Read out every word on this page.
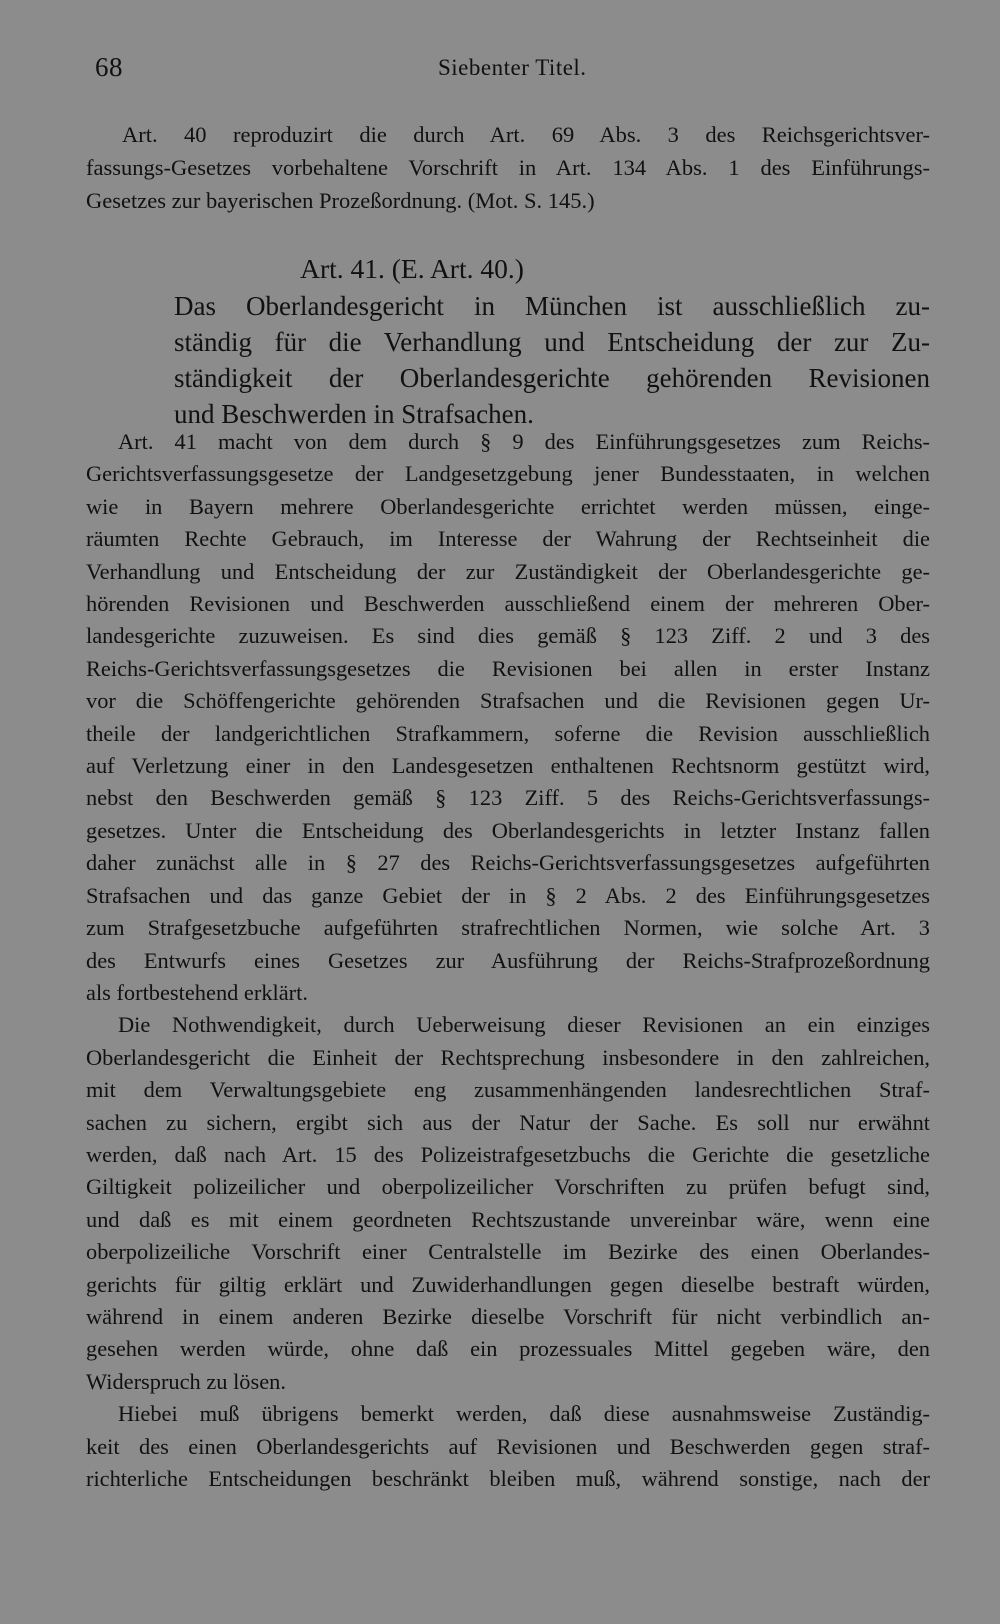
68	Siebenter Titel.
Art. 40 reproduzirt die durch Art. 69 Abs. 3 des Reichsgerichtsver-
fassungs-Gesetzes vorbehaltene Vorschrift in Art. 134 Abs. 1 des Einführungs-
Gesetzes zur bayerischen Prozeßordnung. (Mot. S. 145.)
Art. 41. (E. Art. 40.)
Das Oberlandesgericht in München ist ausschließlich zu-
ständig für die Verhandlung und Entscheidung der zur Zu-
ständigkeit der Oberlandesgerichte gehörenden Revisionen
und Beschwerden in Strafsachen.
Art. 41 macht von dem durch § 9 des Einführungsgesetzes zum Reichs-
Gerichtsverfassungsgesetze der Landgesetzgebung jener Bundesstaaten, in welchen
wie in Bayern mehrere Oberlandesgerichte errichtet werden müssen, einge-
räumten Rechte Gebrauch, im Interesse der Wahrung der Rechtseinheit die
Verhandlung und Entscheidung der zur Zuständigkeit der Oberlandesgerichte ge-
hörenden Revisionen und Beschwerden ausschließend einem der mehreren Ober-
landesgerichte zuzuweisen. Es sind dies gemäß § 123 Ziff. 2 und 3 des
Reichs-Gerichtsverfassungsgesetzes die Revisionen bei allen in erster Instanz
vor die Schöffengerichte gehörenden Strafsachen und die Revisionen gegen Ur-
theile der landgerichtlichen Strafkammern, soferne die Revision ausschließlich
auf Verletzung einer in den Landesgesetzen enthaltenen Rechtsnorm gestützt wird,
nebst den Beschwerden gemäß § 123 Ziff. 5 des Reichs-Gerichtsverfassungs-
gesetzes. Unter die Entscheidung des Oberlandesgerichts in letzter Instanz fallen
daher zunächst alle in § 27 des Reichs-Gerichtsverfassungsgesetzes aufgeführten
Strafsachen und das ganze Gebiet der in § 2 Abs. 2 des Einführungsgesetzes
zum Strafgesetzbuche aufgeführten strafrechtlichen Normen, wie solche Art. 3
des Entwurfs eines Gesetzes zur Ausführung der Reichs-Strafprozeßordnung
als fortbestehend erklärt.
Die Nothwendigkeit, durch Ueberweisung dieser Revisionen an ein einziges
Oberlandesgericht die Einheit der Rechtsprechung insbesondere in den zahlreichen,
mit dem Verwaltungsgebiete eng zusammenhängenden landesrechtlichen Straf-
sachen zu sichern, ergibt sich aus der Natur der Sache. Es soll nur erwähnt
werden, daß nach Art. 15 des Polizeistrafgesetzbuchs die Gerichte die gesetzliche
Giltigkeit polizeilicher und oberpolizeilicher Vorschriften zu prüfen befugt sind,
und daß es mit einem geordneten Rechtszustande unvereinbar wäre, wenn eine
oberpolizeiliche Vorschrift einer Centralstelle im Bezirke des einen Oberlandes-
gerichts für giltig erklärt und Zuwiderhandlungen gegen dieselbe bestraft würden,
während in einem anderen Bezirke dieselbe Vorschrift für nicht verbindlich an-
gesehen werden würde, ohne daß ein prozessuales Mittel gegeben wäre, den
Widerspruch zu lösen.
Hiebei muß übrigens bemerkt werden, daß diese ausnahmsweise Zuständig-
keit des einen Oberlandesgerichts auf Revisionen und Beschwerden gegen straf-
richterliche Entscheidungen beschränkt bleiben muß, während sonstige, nach der
